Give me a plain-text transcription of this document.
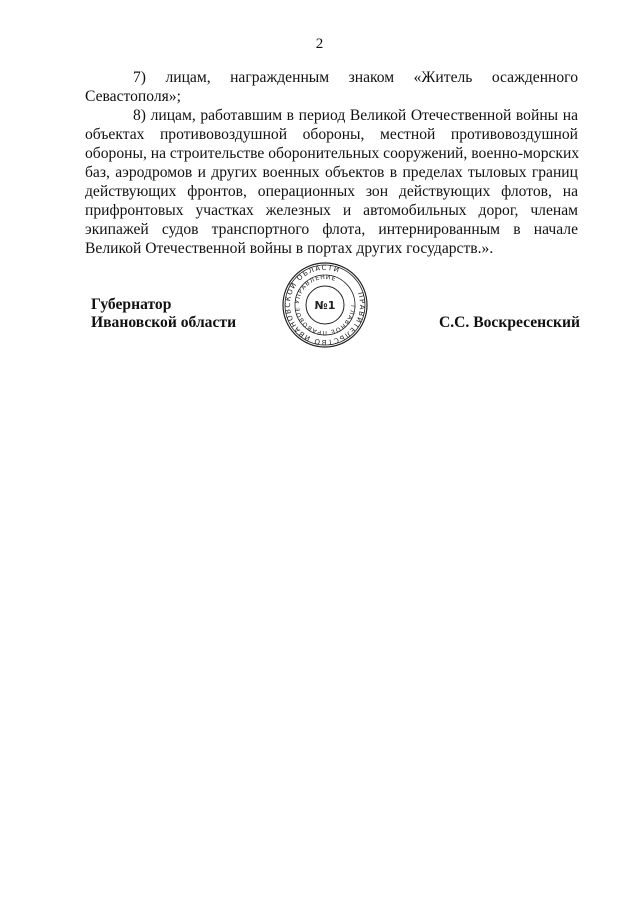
2
7) лицам, награжденным знаком «Житель осажденного
Севастополя»;
8) лицам, работавшим в период Великой Отечественной войны на
объектах противовоздушной обороны, местной противовоздушной
обороны, на строительстве оборонительных сооружений, военно-морских
баз, аэродромов и других военных объектов в пределах тыловых границ
действующих фронтов, операционных зон действующих флотов, на
прифронтовых участках железных и автомобильных дорог, членам
экипажей судов транспортного флота, интернированным в начале
Великой Отечественной войны в портах других государств.».
Губернатор
Ивановской области	С.С. Воскресенский
ПРАВИТЕЛЬСТВО ИВАНОВСКОЙ ОБЛАСТИ
ГЛАВНОЕ ПРАВОВОЕ УПРАВЛЕНИЕ
№1
